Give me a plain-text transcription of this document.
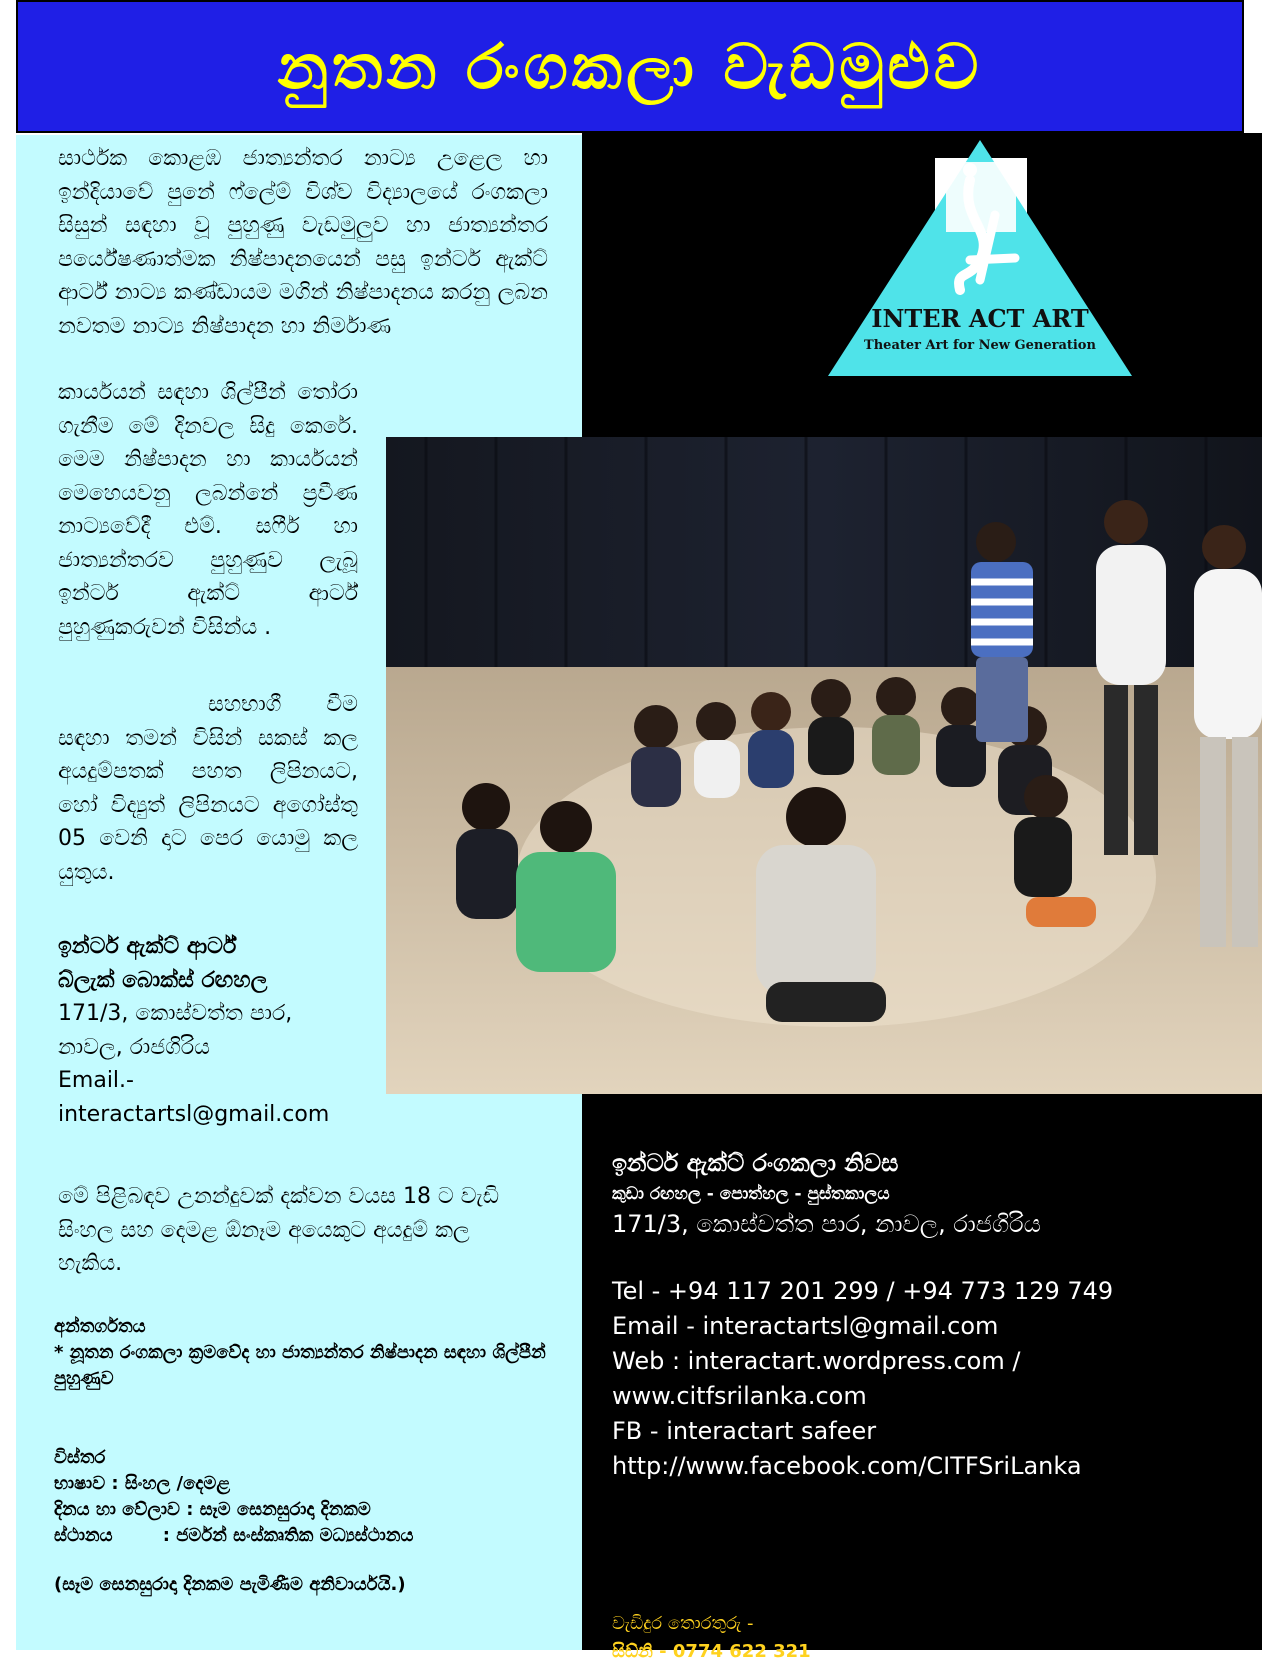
නුතන රංගකලා වැඩමුළුව
INTER ACT ART
Theater Art for New Generation
සාර්ථක කොළඹ ජාත්‍යන්තර නාට්‍ය උළෙල හා ඉන්දියාවේ පුනේ ෆ්ලේම් විශ්ව විද්‍යාලයේ රංගකලා සිසුන් සඳහා වූ පුහුණු වැඩමුලුව හා ජාත්‍යන්තර පර්යේෂණාත්මක නිෂ්පාදනයෙන් පසු ඉන්ටර් ඇක්ට් ආර්ට් නාට්‍ය කණ්ඩායම මගින් නිෂ්පාදනය කරනු ලබන නවතම නාට්‍ය නිෂ්පාදන හා නිර්මාණ
කාර්යයන් සඳහා ශිල්පීන් තෝරා ගැනීම මේ දිනවල සිදු කෙරේ. මෙම නිෂ්පාදන හා කාර්යයන් මෙහෙයවනු ලබන්නේ ප්‍රවීණ නාට්‍යවේදී එම්. සෆීර් හා ජාත්‍යන්තරව පුහුණුව ලැබූ ඉන්ටර් ඇක්ට් ආර්ට් පුහුණුකරුවන් විසින්ය .
සහභාගී වීම සඳහා තමන් විසින් සකස් කල අයදුම්පතක් පහත ලිපිනයට, හෝ විද්‍යුත් ලිපිනයට අගෝස්තු 05 වෙනි දාට පෙර යොමු කල යුතුය.
ඉන්ටර් ඇක්ට් ආර්ට්
බ්ලැක් බොක්ස් රඟහල
171/3, කොස්වත්ත පාර,
නාවල, රාජගිරිය
Email.-
interactartsl@gmail.com
මේ පිළිබඳව උනන්දුවක් දක්වන වයස 18 ට වැඩි සිංහල සහ දෙමළ ඕනෑම අයෙකුට අයදුම් කල හැකිය.
අන්තර්ගතය
* නූතන රංගකලා ක්‍රමවේද හා ජාත්‍යන්තර නිෂ්පාදන සඳහා ශිල්පීන් පුහුණුව
විස්තර
භාෂාව : සිංහල /දෙමළ
දිනය හා වේලාව : සෑම සෙනසුරාදා දිනකම
ස්ථානය        : ජර්මන් සංස්කෘතික මධ්‍යස්ථානය
(සෑම සෙනසුරාදා දිනකම පැමිණීම අනිවාර්යයි.)
ඉන්ටර් ඇක්ට් රංගකලා නිවස
කුඩා රඟහල - පොත්හල - පුස්තකාලය
171/3, කොස්වත්ත පාර, නාවල, රාජගිරිය
Tel - +94 117 201 299 / +94 773 129 749
Email - interactartsl@gmail.com
Web : interactart.wordpress.com /
www.citfsrilanka.com
FB - interactart safeer
http://www.facebook.com/CITFSriLanka
වැඩිදුර තොරතුරු -
සිඩ්නි - 0774 622 321
